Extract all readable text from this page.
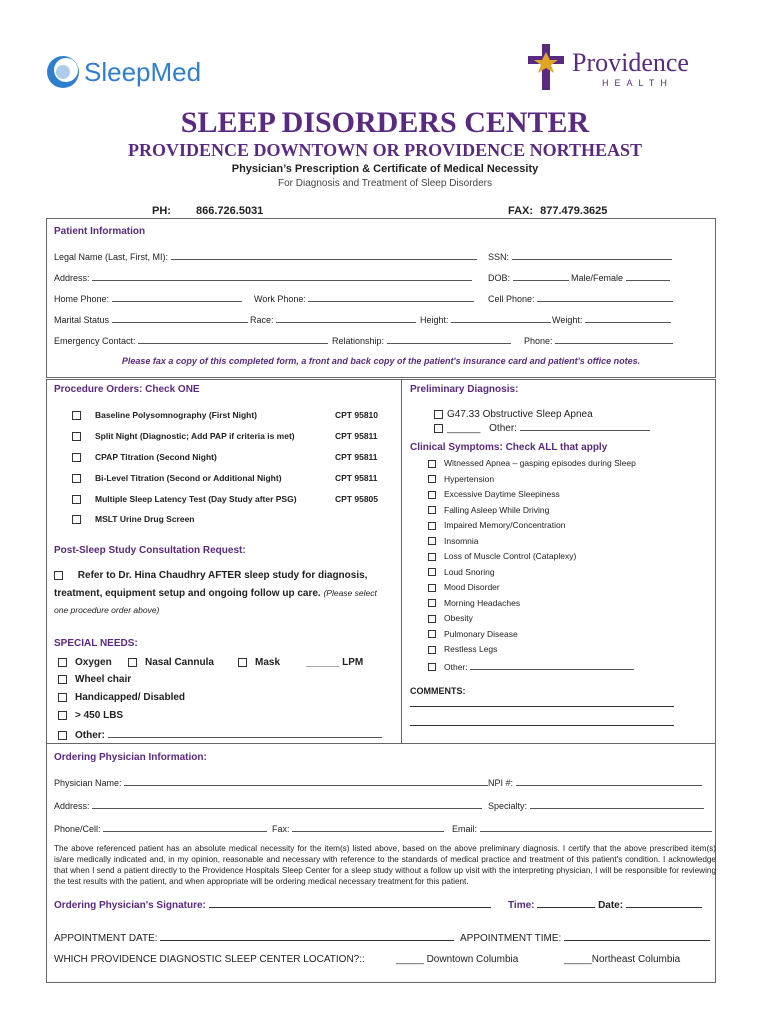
SleepMed	Providence
HEALTH
SLEEP DISORDERS CENTER
PROVIDENCE DOWNTOWN OR PROVIDENCE NORTHEAST
Physician’s Prescription & Certificate of Medical Necessity
For Diagnosis and Treatment of Sleep Disorders
PH: 866.726.5031	FAX: 877.479.3625
Patient Information
Legal Name (Last, First, MI):	SSN:
Address:	DOB:	Male/Female
Home Phone:	Work Phone:	Cell Phone:
Marital Status	Race:	Height:	Weight:
Emergency Contact:	Relationship:	Phone:
Please fax a copy of this completed form, a front and back copy of the patient's insurance card and patient's office notes.
Procedure Orders: Check ONE
Baseline Polysomnography (First Night)	CPT 95810
Split Night (Diagnostic; Add PAP if criteria is met)	CPT 95811
CPAP Titration (Second Night)	CPT 95811
Bi-Level Titration (Second or Additional Night)	CPT 95811
Multiple Sleep Latency Test (Day Study after PSG)	CPT 95805
MSLT Urine Drug Screen
Post-Sleep Study Consultation Request:
Refer to Dr. Hina Chaudhry AFTER sleep study for diagnosis,
treatment, equipment setup and ongoing follow up care. (Please select
one procedure order above)
SPECIAL NEEDS:
Oxygen	Nasal Cannula	Mask	______ LPM
Wheel chair
Handicapped/ Disabled
> 450 LBS
Other:
Preliminary Diagnosis:
G47.33 Obstructive Sleep Apnea
______ Other:
Clinical Symptoms: Check ALL that apply
Witnessed Apnea – gasping episodes during Sleep
Hypertension
Excessive Daytime Sleepiness
Falling Asleep While Driving
Impaired Memory/Concentration
Insomnia
Loss of Muscle Control (Cataplexy)
Loud Snoring
Mood Disorder
Morning Headaches
Obesity
Pulmonary Disease
Restless Legs
Other:
COMMENTS:
Ordering Physician Information:
Physician Name:	NPI #:
Address:	Specialty:
Phone/Cell:	Fax:	Email:
The above referenced patient has an absolute medical necessity for the item(s) listed above, based on the above preliminary diagnosis. I certify that the above prescribed item(s) is/are medically indicated and, in my opinion, reasonable and necessary with reference to the standards of medical practice and treatment of this patient's condition. I acknowledge that when I send a patient directly to the Providence Hospitals Sleep Center for a sleep study without a follow up visit with the interpreting physician, I will be responsible for reviewing the test results with the patient, and when appropriate will be ordering medical necessary treatment for this patient.
Ordering Physician's Signature:	Time:	Date:
APPOINTMENT DATE:	APPOINTMENT TIME:
WHICH PROVIDENCE DIAGNOSTIC SLEEP CENTER LOCATION?::	_____ Downtown Columbia	_____Northeast Columbia
